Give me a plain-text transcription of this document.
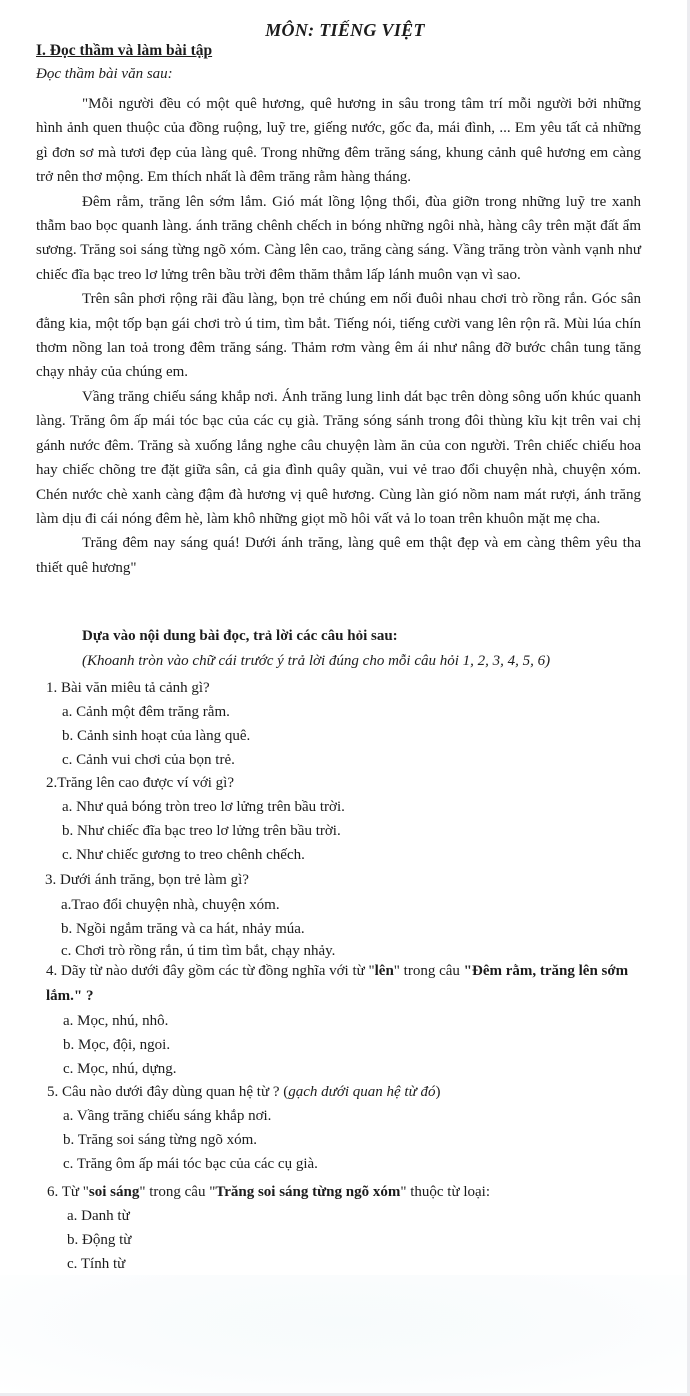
MÔN: TIẾNG VIỆT
I. Đọc thầm và làm bài tập
Đọc thầm bài văn sau:

"Mỗi người đều có một quê hương, quê hương in sâu trong tâm trí mỗi người bởi những hình ảnh quen thuộc của đồng ruộng, luỹ tre, giếng nước, gốc đa, mái đình, ... Em yêu tất cả những gì đơn sơ mà tươi đẹp của làng quê. Trong những đêm trăng sáng, khung cảnh quê hương em càng trở nên thơ mộng. Em thích nhất là đêm trăng rằm hàng tháng.

Đêm rằm, trăng lên sớm lắm. Gió mát lồng lộng thổi, đùa giỡn trong những luỹ tre xanh thẫm bao bọc quanh làng. ánh trăng chênh chếch in bóng những ngôi nhà, hàng cây trên mặt đất ẩm sương. Trăng soi sáng từng ngõ xóm. Càng lên cao, trăng càng sáng. Vầng trăng tròn vành vạnh như chiếc đĩa bạc treo lơ lửng trên bầu trời đêm thăm thẳm lấp lánh muôn vạn vì sao.

Trên sân phơi rộng rãi đầu làng, bọn trẻ chúng em nối đuôi nhau chơi trò rồng rắn. Góc sân đằng kia, một tốp bạn gái chơi trò ú tim, tìm bắt. Tiếng nói, tiếng cười vang lên rộn rã. Mùi lúa chín thơm nồng lan toả trong đêm trăng sáng. Thảm rơm vàng êm ái như nâng đỡ bước chân tung tăng chạy nhảy của chúng em.

Vầng trăng chiếu sáng khắp nơi. Ánh trăng lung linh dát bạc trên dòng sông uốn khúc quanh làng. Trăng ôm ấp mái tóc bạc của các cụ già. Trăng sóng sánh trong đôi thùng kĩu kịt trên vai chị gánh nước đêm. Trăng sà xuống lắng nghe câu chuyện làm ăn của con người. Trên chiếc chiếu hoa hay chiếc chõng tre đặt giữa sân, cả gia đình quây quần, vui vẻ trao đổi chuyện nhà, chuyện xóm. Chén nước chè xanh càng đậm đà hương vị quê hương. Cùng làn gió nồm nam mát rượi, ánh trăng làm dịu đi cái nóng đêm hè, làm khô những giọt mồ hôi vất vả lo toan trên khuôn mặt mẹ cha.

Trăng đêm nay sáng quá! Dưới ánh trăng, làng quê em thật đẹp và em càng thêm yêu tha thiết quê hương"

Dựa vào nội dung bài đọc, trả lời các câu hỏi sau:
(Khoanh tròn vào chữ cái trước ý trả lời đúng cho mỗi câu hỏi 1, 2, 3, 4, 5, 6)
1. Bài văn miêu tả cảnh gì?
a. Cảnh một đêm trăng rằm.
b. Cảnh sinh hoạt của làng quê.
c. Cảnh vui chơi của bọn trẻ.
2.Trăng lên cao được ví với gì?
a. Như quả bóng tròn treo lơ lửng trên bầu trời.
b. Như chiếc đĩa bạc treo lơ lửng trên bầu trời.
c. Như chiếc gương to treo chênh chếch.
3. Dưới ánh trăng, bọn trẻ làm gì?
a.Trao đổi chuyện nhà, chuyện xóm.
b. Ngồi ngắm trăng và ca hát, nhảy múa.
c. Chơi trò rồng rắn, ú tim tìm bắt, chạy nhảy.
4. Dãy từ nào dưới đây gồm các từ đồng nghĩa với từ "lên" trong câu "Đêm rằm, trăng lên sớm lắm." ?
a. Mọc, nhú, nhô.
b. Mọc, đội, ngoi.
c. Mọc, nhú, dựng.
5. Câu nào dưới đây dùng quan hệ từ ? (gạch dưới quan hệ từ đó)
a. Vầng trăng chiếu sáng khắp nơi.
b. Trăng soi sáng từng ngõ xóm.
c. Trăng ôm ấp mái tóc bạc của các cụ già.
6. Từ "soi sáng" trong câu "Trăng soi sáng từng ngõ xóm" thuộc từ loại:
a. Danh từ
b. Động từ
c. Tính từ
